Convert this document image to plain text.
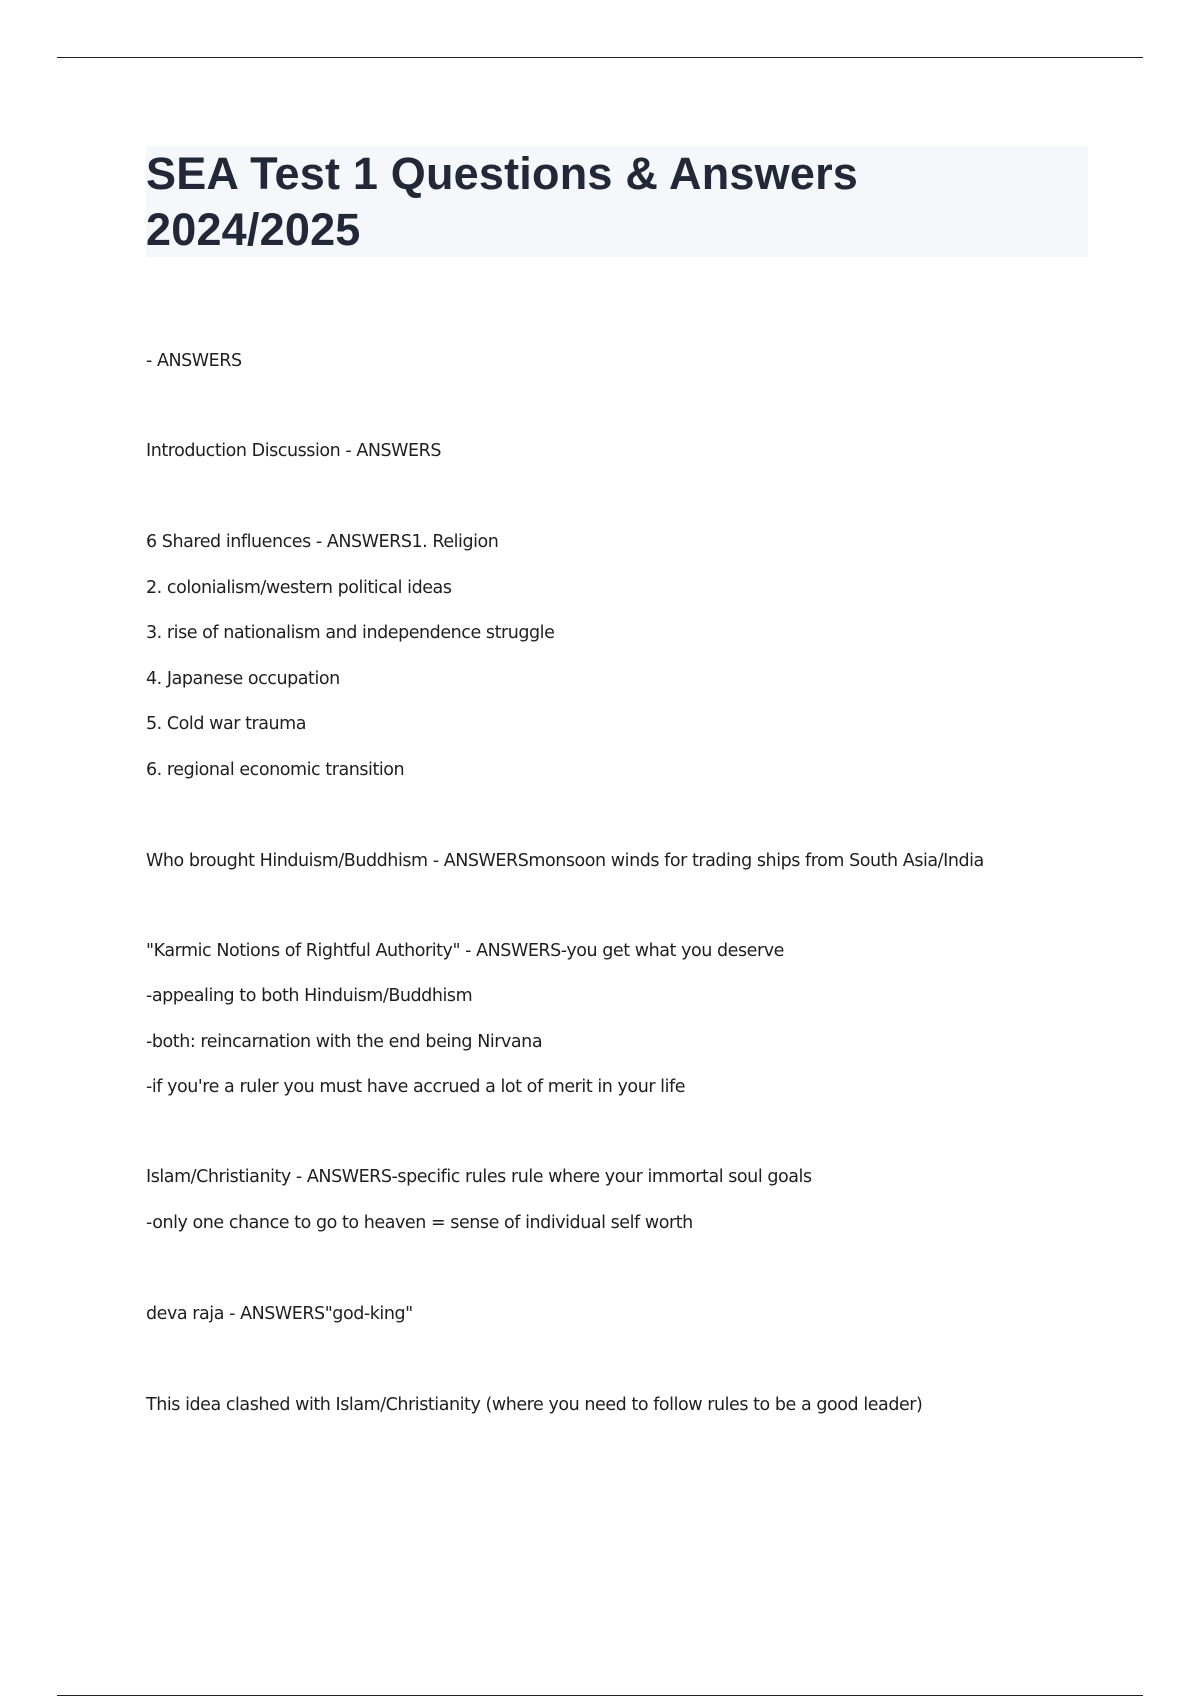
SEA Test 1 Questions & Answers
2024/2025
- ANSWERS
Introduction Discussion - ANSWERS
6 Shared influences - ANSWERS1. Religion
2. colonialism/western political ideas
3. rise of nationalism and independence struggle
4. Japanese occupation
5. Cold war trauma
6. regional economic transition
Who brought Hinduism/Buddhism - ANSWERSmonsoon winds for trading ships from South Asia/India
"Karmic Notions of Rightful Authority" - ANSWERS-you get what you deserve
-appealing to both Hinduism/Buddhism
-both: reincarnation with the end being Nirvana
-if you're a ruler you must have accrued a lot of merit in your life
Islam/Christianity - ANSWERS-specific rules rule where your immortal soul goals
-only one chance to go to heaven = sense of individual self worth
deva raja - ANSWERS"god-king"
This idea clashed with Islam/Christianity (where you need to follow rules to be a good leader)
